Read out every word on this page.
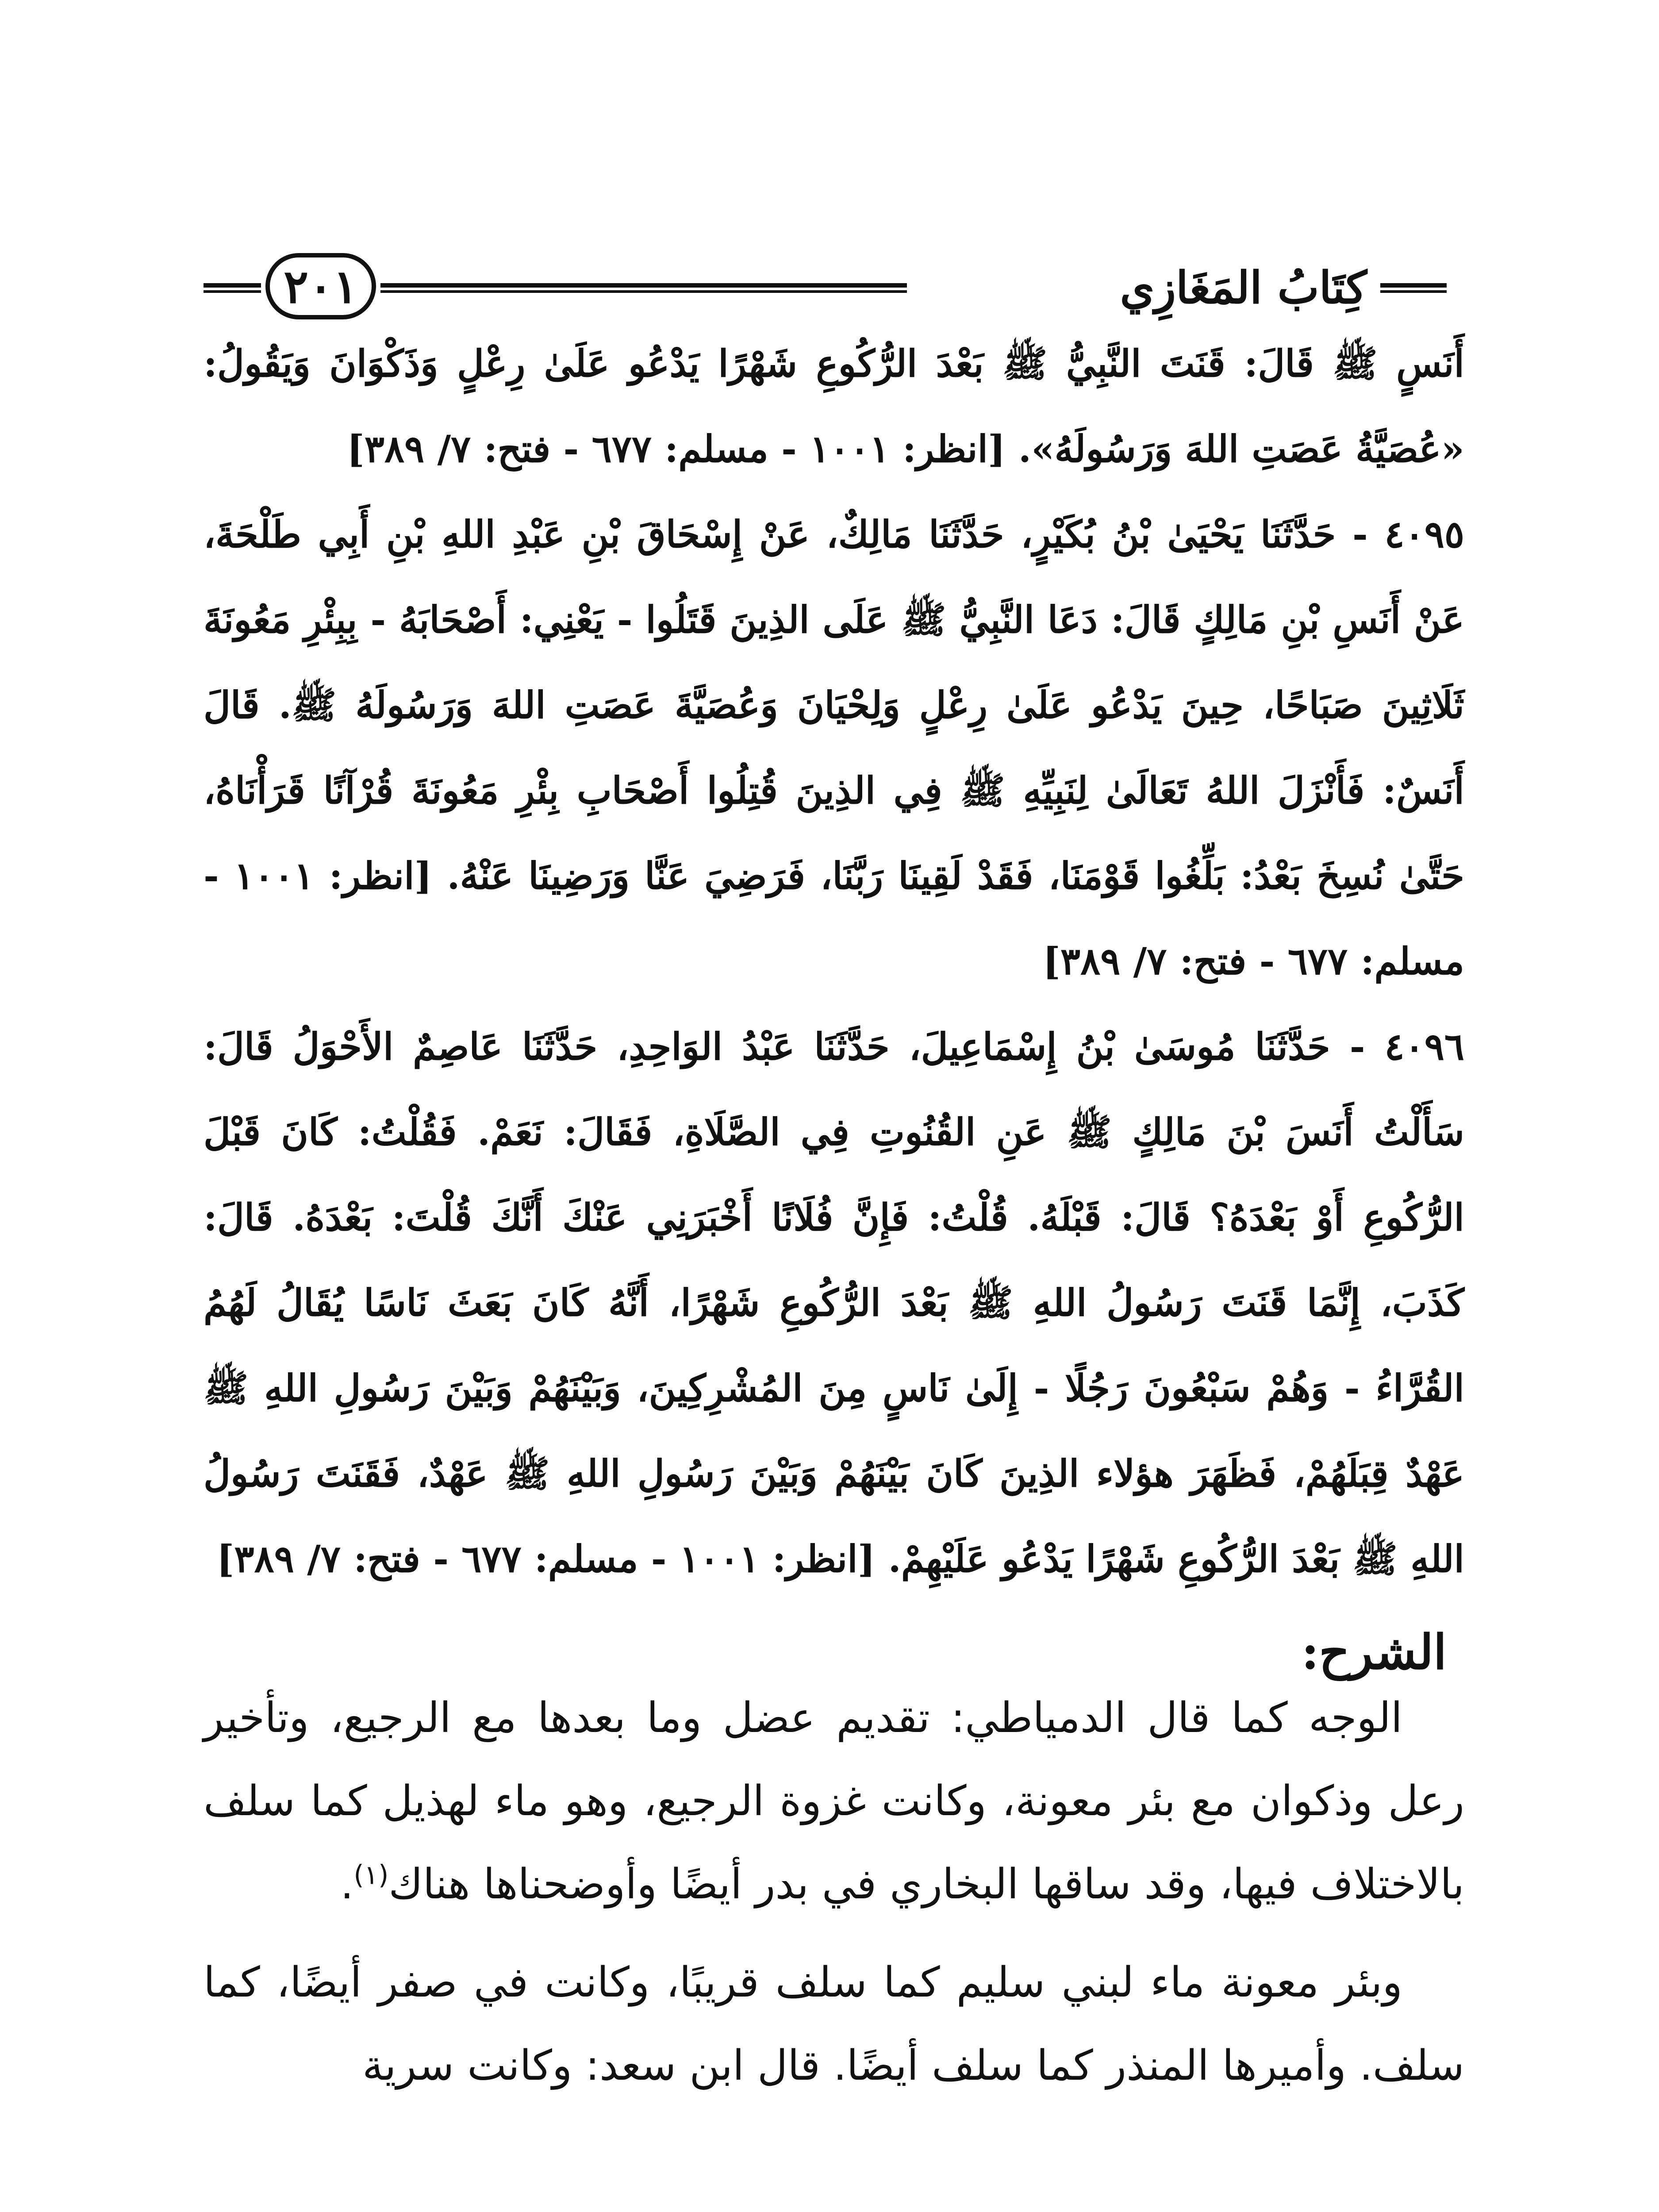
كِتَابُ المَغَازِي
٢٠١

أَنَسٍ ﷺ قَالَ: قَنَتَ النَّبِيُّ ﷺ بَعْدَ الرُّكُوعِ شَهْرًا يَدْعُو عَلَىٰ رِعْلٍ وَذَكْوَانَ وَيَقُولُ: «عُصَيَّةُ عَصَتِ اللهَ وَرَسُولَهُ». [انظر: ١٠٠١ - مسلم: ٦٧٧ - فتح: ٧/ ٣٨٩]

٤٠٩٥ - حَدَّثَنَا يَحْيَىٰ بْنُ بُكَيْرٍ، حَدَّثَنَا مَالِكٌ، عَنْ إِسْحَاقَ بْنِ عَبْدِ اللهِ بْنِ أَبِي طَلْحَةَ، عَنْ أَنَسِ بْنِ مَالِكٍ قَالَ: دَعَا النَّبِيُّ ﷺ عَلَى الذِينَ قَتَلُوا - يَعْنِي: أَصْحَابَهُ - بِبِئْرِ مَعُونَةَ ثَلَاثِينَ صَبَاحًا، حِينَ يَدْعُو عَلَىٰ رِعْلٍ وَلِحْيَانَ وَعُصَيَّةَ عَصَتِ اللهَ وَرَسُولَهُ ﷺ. قَالَ أَنَسٌ: فَأَنْزَلَ اللهُ تَعَالَىٰ لِنَبِيِّهِ ﷺ فِي الذِينَ قُتِلُوا أَصْحَابِ بِئْرِ مَعُونَةَ قُرْآنًا قَرَأْنَاهُ، حَتَّىٰ نُسِخَ بَعْدُ: بَلِّغُوا قَوْمَنَا، فَقَدْ لَقِينَا رَبَّنَا، فَرَضِيَ عَنَّا وَرَضِينَا عَنْهُ. [انظر: ١٠٠١ - مسلم: ٦٧٧ - فتح: ٧/ ٣٨٩]

٤٠٩٦ - حَدَّثَنَا مُوسَىٰ بْنُ إِسْمَاعِيلَ، حَدَّثَنَا عَبْدُ الوَاحِدِ، حَدَّثَنَا عَاصِمٌ الأَحْوَلُ قَالَ: سَأَلْتُ أَنَسَ بْنَ مَالِكٍ ﷺ عَنِ القُنُوتِ فِي الصَّلَاةِ، فَقَالَ: نَعَمْ. فَقُلْتُ: كَانَ قَبْلَ الرُّكُوعِ أَوْ بَعْدَهُ؟ قَالَ: قَبْلَهُ. قُلْتُ: فَإِنَّ فُلَانًا أَخْبَرَنِي عَنْكَ أَنَّكَ قُلْتَ: بَعْدَهُ. قَالَ: كَذَبَ، إِنَّمَا قَنَتَ رَسُولُ اللهِ ﷺ بَعْدَ الرُّكُوعِ شَهْرًا، أَنَّهُ كَانَ بَعَثَ نَاسًا يُقَالُ لَهُمُ القُرَّاءُ - وَهُمْ سَبْعُونَ رَجُلًا - إِلَىٰ نَاسٍ مِنَ المُشْرِكِينَ، وَبَيْنَهُمْ وَبَيْنَ رَسُولِ اللهِ ﷺ عَهْدٌ قِبَلَهُمْ، فَظَهَرَ هؤلاء الذِينَ كَانَ بَيْنَهُمْ وَبَيْنَ رَسُولِ اللهِ ﷺ عَهْدٌ، فَقَنَتَ رَسُولُ اللهِ ﷺ بَعْدَ الرُّكُوعِ شَهْرًا يَدْعُو عَلَيْهِمْ. [انظر: ١٠٠١ - مسلم: ٦٧٧ - فتح: ٧/ ٣٨٩]

الشرح:

الوجه كما قال الدمياطي: تقديم عضل وما بعدها مع الرجيع، وتأخير رعل وذكوان مع بئر معونة، وكانت غزوة الرجيع، وهو ماء لهذيل كما سلف بالاختلاف فيها، وقد ساقها البخاري في بدر أيضًا وأوضحناها هناك$^{(١)}$.

وبئر معونة ماء لبني سليم كما سلف قريبًا، وكانت في صفر أيضًا، كما سلف. وأميرها المنذر كما سلف أيضًا. قال ابن سعد: وكانت سرية
